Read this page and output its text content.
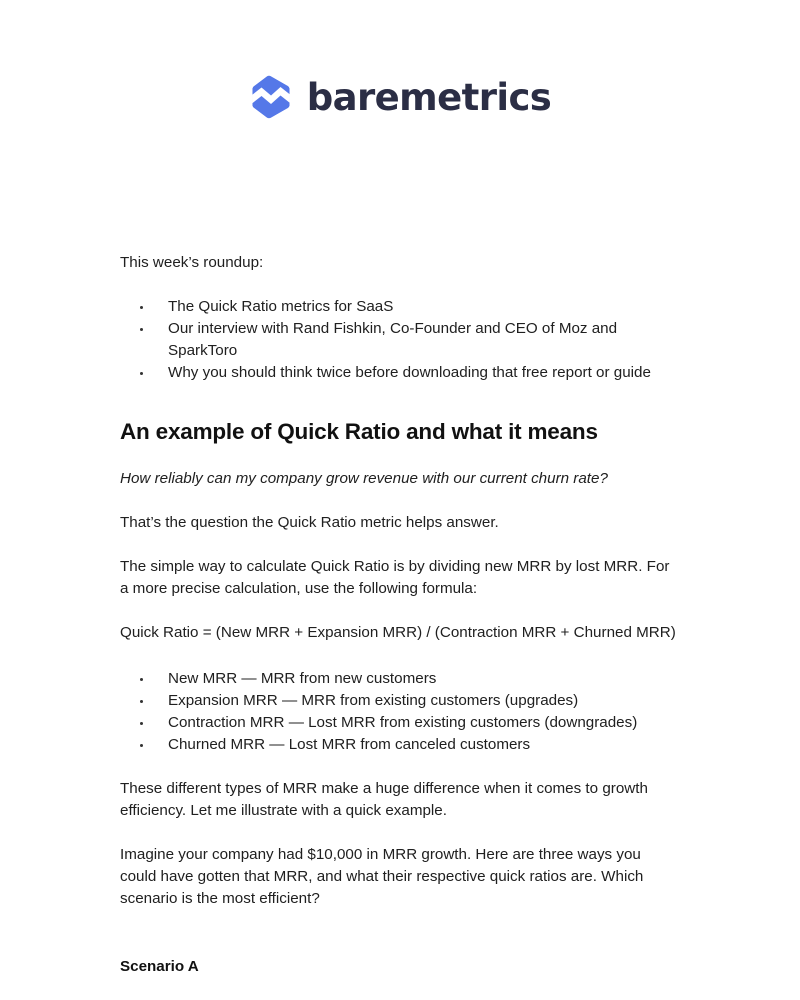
baremetrics

This week’s roundup:

The Quick Ratio metrics for SaaS
Our interview with Rand Fishkin, Co-Founder and CEO of Moz and SparkToro
Why you should think twice before downloading that free report or guide
An example of Quick Ratio and what it means

How reliably can my company grow revenue with our current churn rate?

That’s the question the Quick Ratio metric helps answer.

The simple way to calculate Quick Ratio is by dividing new MRR by lost MRR. For a more precise calculation, use the following formula:

Quick Ratio = (New MRR + Expansion MRR) / (Contraction MRR + Churned MRR)

New MRR — MRR from new customers
Expansion MRR — MRR from existing customers (upgrades)
Contraction MRR — Lost MRR from existing customers (downgrades)
Churned MRR — Lost MRR from canceled customers

These different types of MRR make a huge difference when it comes to growth efficiency. Let me illustrate with a quick example.

Imagine your company had $10,000 in MRR growth. Here are three ways you could have gotten that MRR, and what their respective quick ratios are. Which scenario is the most efficient?

Scenario A
